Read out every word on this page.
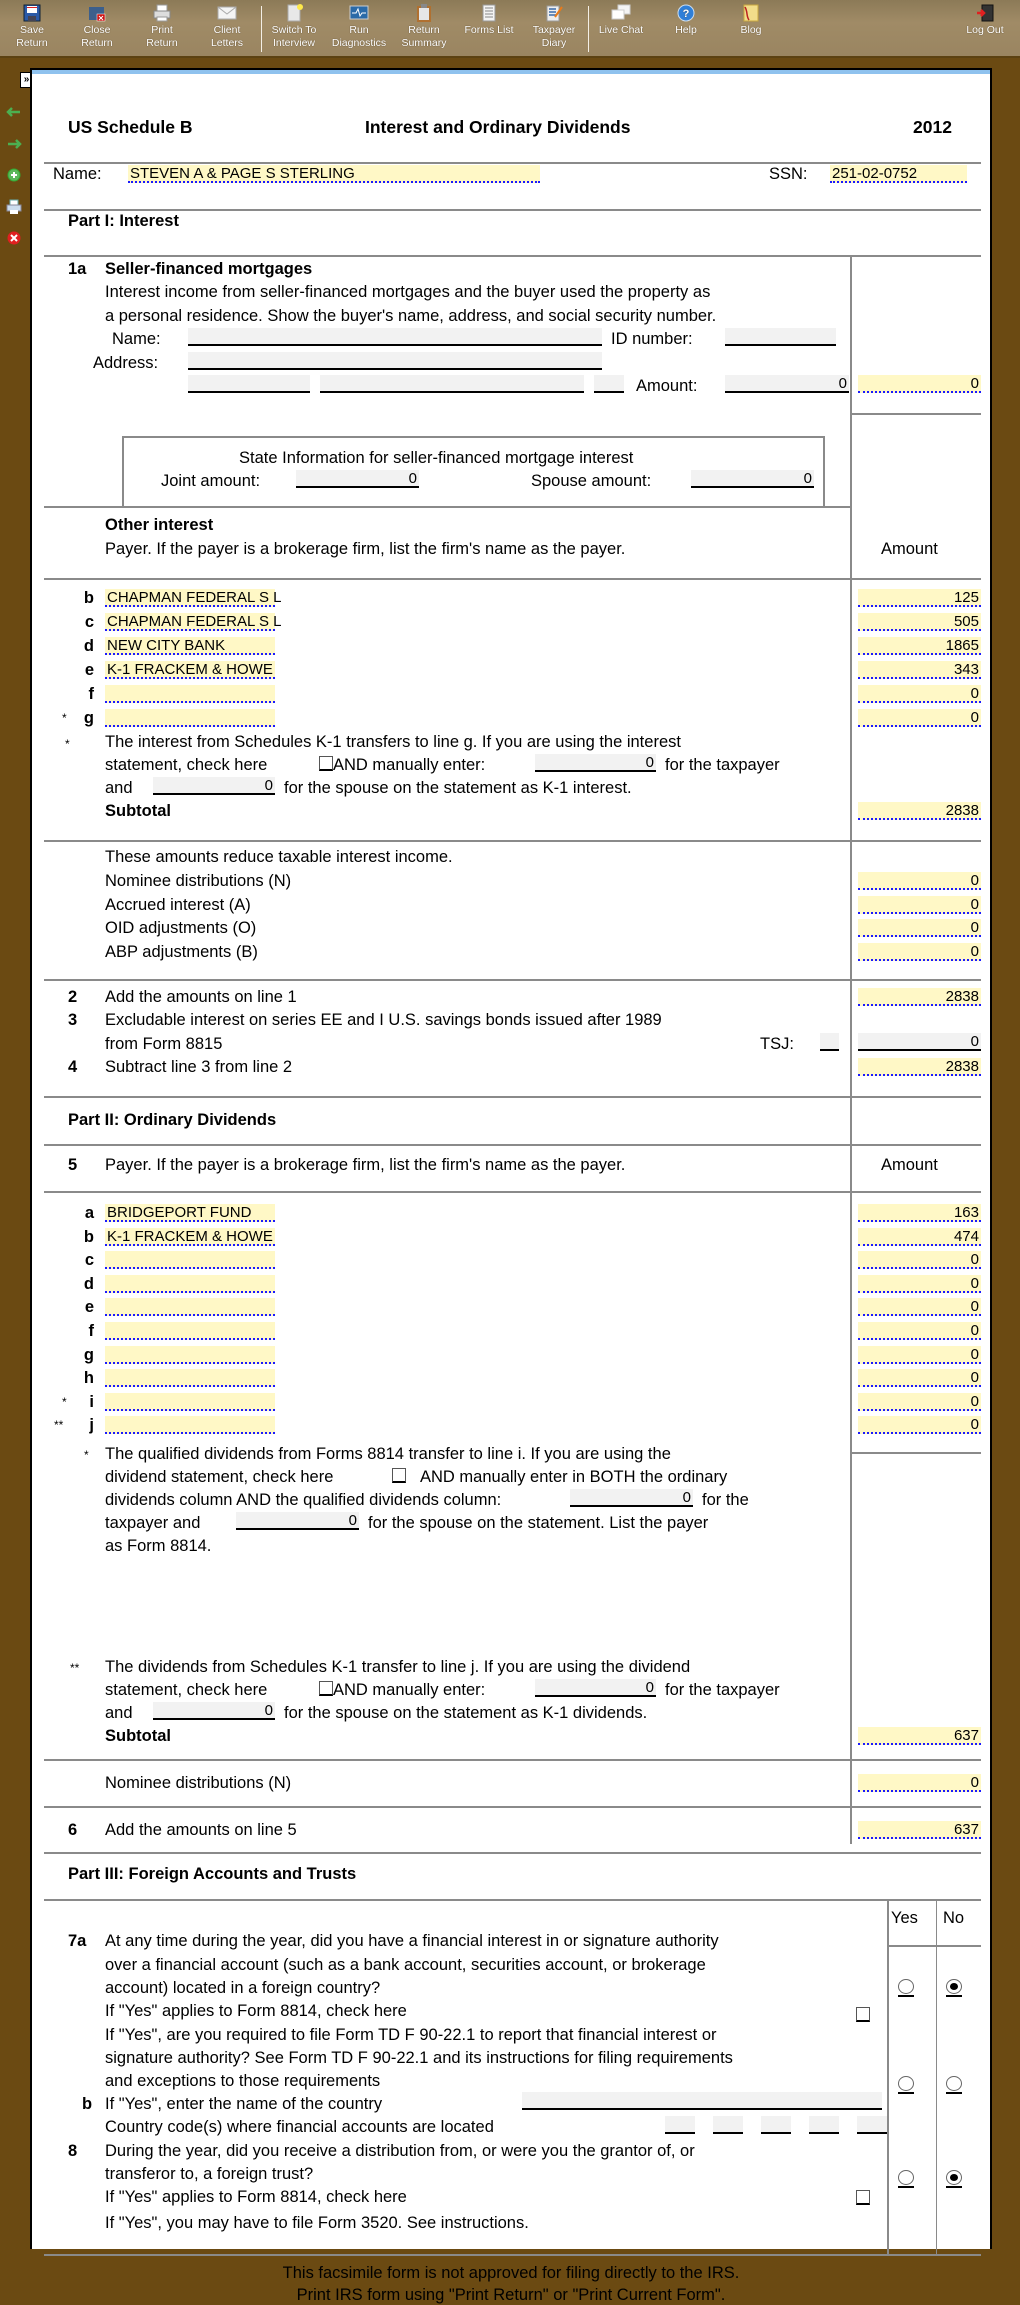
Save
Return
Close
Return
Print
Return
Client
Letters
Switch To
Interview
Run
Diagnostics
Return
Summary
Forms List	Taxpayer
Diary
Live Chat
?
Help	Blog	Log Out
»
US Schedule B	Interest and Ordinary Dividends	2012
Name: STEVEN A & PAGE S STERLING	SSN: 251-02-0752
Part I: Interest
1a Seller-financed mortgages
Interest income from seller-financed mortgages and the buyer used the property as
a personal residence. Show the buyer's name, address, and social security number.
Name:	ID number:
Address:
Amount:	0	0
State Information for seller-financed mortgage interest
Joint amount:	0	Spouse amount:	0
Other interest
Payer. If the payer is a brokerage firm, list the firm's name as the payer.	Amount
b CHAPMAN FEDERAL S L	125
c CHAPMAN FEDERAL S L	505
d NEW CITY BANK	1865
e K-1 FRACKEM & HOWE	343
f	0
*	g	0
* The interest from Schedules K-1 transfers to line g. If you are using the interest
statement, check here	AND manually enter:	0 for the taxpayer
and	0 for the spouse on the statement as K-1 interest.
Subtotal	2838
These amounts reduce taxable interest income.
Nominee distributions (N)	0
Accrued interest (A)	0
OID adjustments (O)	0
ABP adjustments (B)	0
2 Add the amounts on line 1	2838
3 Excludable interest on series EE and I U.S. savings bonds issued after 1989
from Form 8815	TSJ:	0
4 Subtract line 3 from line 2	2838
Part II: Ordinary Dividends
5 Payer. If the payer is a brokerage firm, list the firm's name as the payer.	Amount
a BRIDGEPORT FUND	163
b K-1 FRACKEM & HOWE	474
c	0
d	0
e	0
f	0
g	0
h	0
*	i	0
**	j	0
* The qualified dividends from Forms 8814 transfer to line i. If you are using the
dividend statement, check here	AND manually enter in BOTH the ordinary
dividends column AND the qualified dividends column:	0 for the
taxpayer and	0 for the spouse on the statement. List the payer
as Form 8814.
** The dividends from Schedules K-1 transfer to line j. If you are using the dividend
statement, check here	AND manually enter:	0 for the taxpayer
and	0 for the spouse on the statement as K-1 dividends.
Subtotal	637
Nominee distributions (N)	0
6 Add the amounts on line 5	637
Part III: Foreign Accounts and Trusts
Yes No
7a At any time during the year, did you have a financial interest in or signature authority
over a financial account (such as a bank account, securities account, or brokerage
account) located in a foreign country?
If "Yes" applies to Form 8814, check here
If "Yes", are you required to file Form TD F 90-22.1 to report that financial interest or
signature authority? See Form TD F 90-22.1 and its instructions for filing requirements
and exceptions to those requirements
b If "Yes", enter the name of the country
Country code(s) where financial accounts are located
8 During the year, did you receive a distribution from, or were you the grantor of, or
transferor to, a foreign trust?
If "Yes" applies to Form 8814, check here
If "Yes", you may have to file Form 3520. See instructions.
This facsimile form is not approved for filing directly to the IRS.
Print IRS form using "Print Return" or "Print Current Form".
